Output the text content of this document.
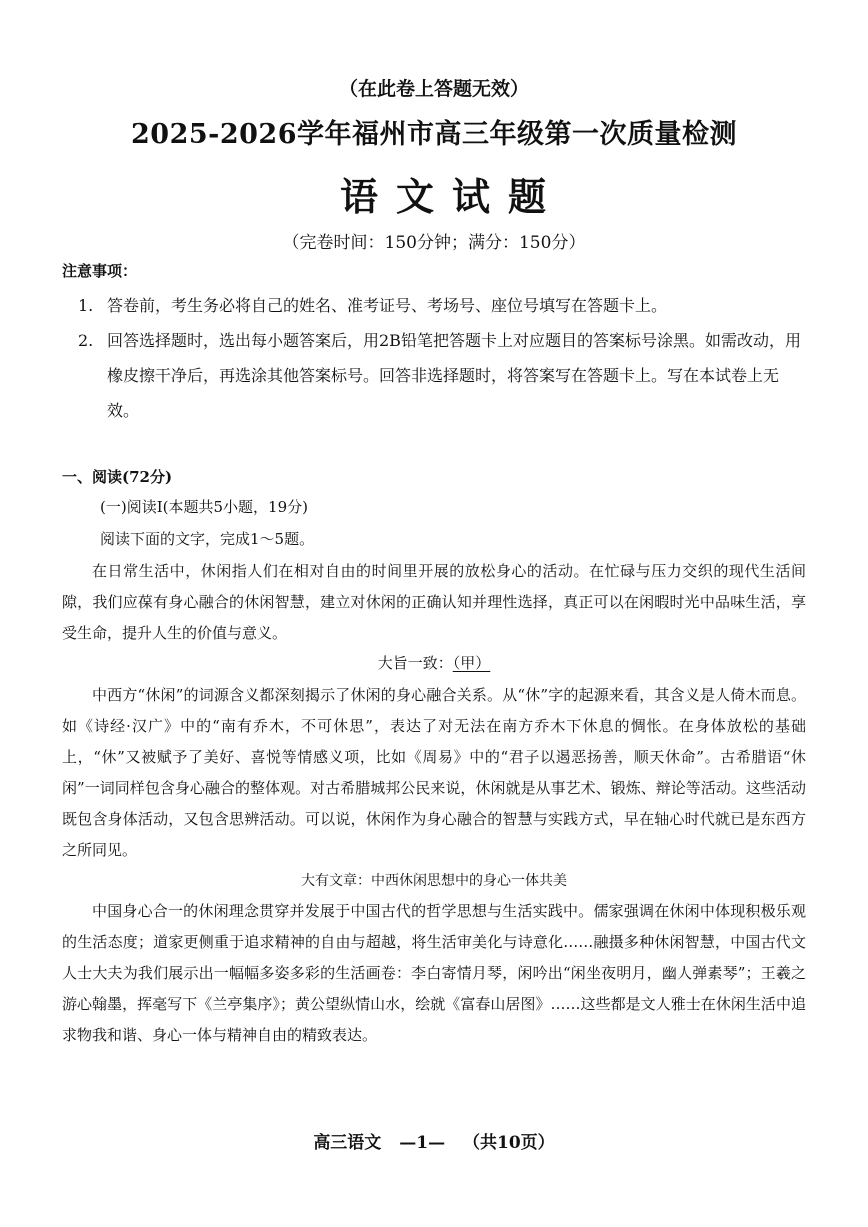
（在此卷上答题无效）
2025-2026学年福州市高三年级第一次质量检测
语文试题
（完卷时间：150分钟；满分：150分）
注意事项：
1. 答卷前，考生务必将自己的姓名、准考证号、考场号、座位号填写在答题卡上。
2. 回答选择题时，选出每小题答案后，用2B铅笔把答题卡上对应题目的答案标号涂黑。如需改动，用橡皮擦干净后，再选涂其他答案标号。回答非选择题时，将答案写在答题卡上。写在本试卷上无效。
一、阅读(72分)
(一)阅读Ⅰ(本题共5小题，19分)
阅读下面的文字，完成1～5题。

在日常生活中，休闲指人们在相对自由的时间里开展的放松身心的活动。在忙碌与压力交织的现代生活间隙，我们应葆有身心融合的休闲智慧，建立对休闲的正确认知并理性选择，真正可以在闲暇时光中品味生活，享受生命，提升人生的价值与意义。

大旨一致：（甲）

中西方“休闲”的词源含义都深刻揭示了休闲的身心融合关系。从“休”字的起源来看，其含义是人倚木而息。如《诗经·汉广》中的“南有乔木，不可休思”，表达了对无法在南方乔木下休息的惆怅。在身体放松的基础上，“休”又被赋予了美好、喜悦等情感义项，比如《周易》中的“君子以遏恶扬善，顺天休命”。古希腊语“休闲”一词同样包含身心融合的整体观。对古希腊城邦公民来说，休闲就是从事艺术、锻炼、辩论等活动。这些活动既包含身体活动，又包含思辨活动。可以说，休闲作为身心融合的智慧与实践方式，早在轴心时代就已是东西方之所同见。

大有文章：中西休闲思想中的身心一体共美

中国身心合一的休闲理念贯穿并发展于中国古代的哲学思想与生活实践中。儒家强调在休闲中体现积极乐观的生活态度；道家更侧重于追求精神的自由与超越，将生活审美化与诗意化……融摄多种休闲智慧，中国古代文人士大夫为我们展示出一幅幅多姿多彩的生活画卷：李白寄情月琴，闲吟出“闲坐夜明月，幽人弹素琴”；王羲之游心翰墨，挥毫写下《兰亭集序》；黄公望纵情山水，绘就《富春山居图》……这些都是文人雅士在休闲生活中追求物我和谐、身心一体与精神自由的精致表达。

高三语文 —1— （共10页）
